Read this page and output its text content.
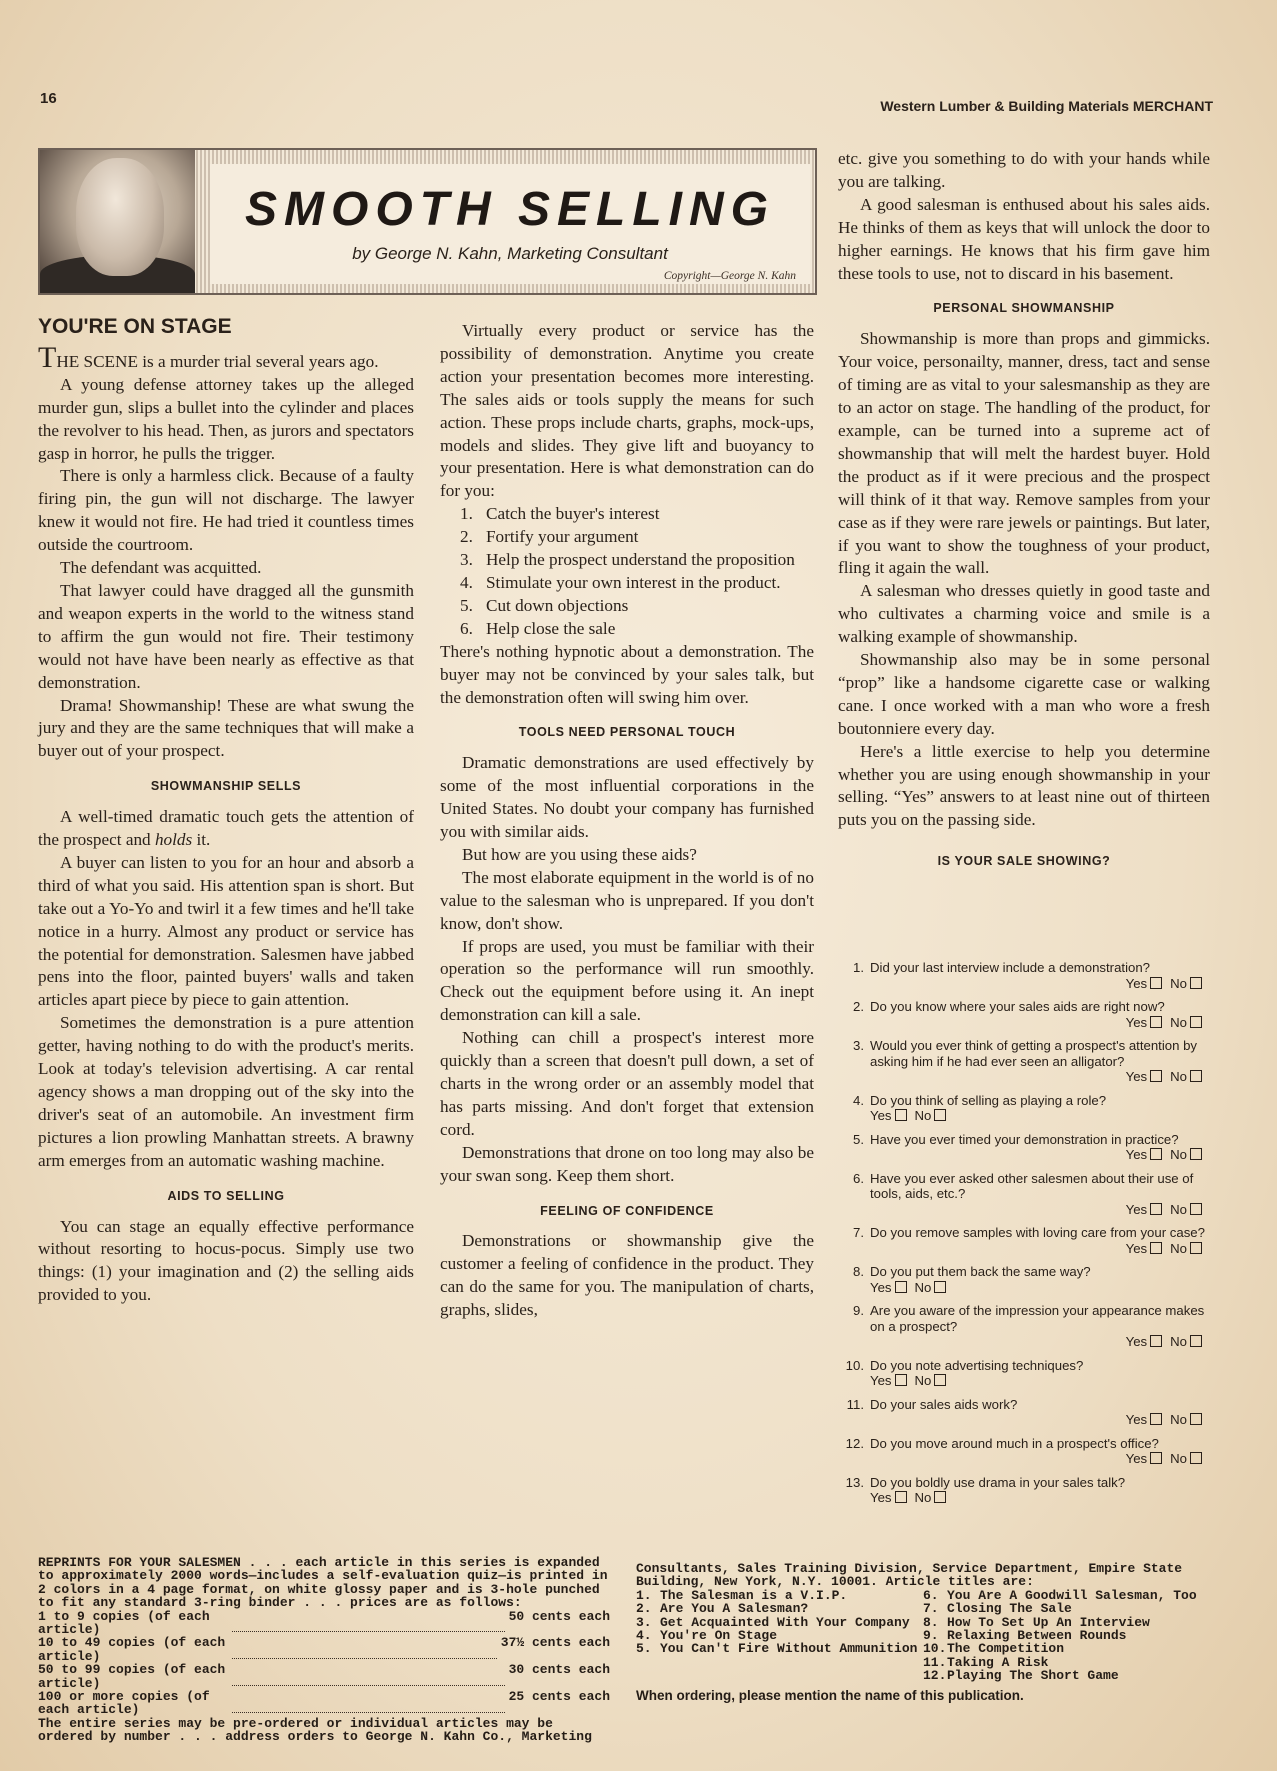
16	Western Lumber & Building Materials MERCHANT
SMOOTH SELLING
by George N. Kahn, Marketing Consultant
Copyright—George N. Kahn
YOU'RE ON STAGE

THE SCENE is a murder trial several years ago.

A young defense attorney takes up the alleged murder gun, slips a bullet into the cylinder and places the revolver to his head. Then, as jurors and spectators gasp in horror, he pulls the trigger.

There is only a harmless click. Because of a faulty firing pin, the gun will not discharge. The lawyer knew it would not fire. He had tried it countless times outside the courtroom.

The defendant was acquitted.

That lawyer could have dragged all the gunsmith and weapon experts in the world to the witness stand to affirm the gun would not fire. Their testimony would not have have been nearly as effective as that demonstration.

Drama! Showmanship! These are what swung the jury and they are the same techniques that will make a buyer out of your prospect.

SHOWMANSHIP SELLS

A well-timed dramatic touch gets the attention of the prospect and holds it.

A buyer can listen to you for an hour and absorb a third of what you said. His attention span is short. But take out a Yo-Yo and twirl it a few times and he'll take notice in a hurry. Almost any product or service has the potential for demonstration. Salesmen have jabbed pens into the floor, painted buyers' walls and taken articles apart piece by piece to gain attention.

Sometimes the demonstration is a pure attention getter, having nothing to do with the product's merits. Look at today's television advertising. A car rental agency shows a man dropping out of the sky into the driver's seat of an automobile. An investment firm pictures a lion prowling Manhattan streets. A brawny arm emerges from an automatic washing machine.

AIDS TO SELLING

You can stage an equally effective performance without resorting to hocus-pocus. Simply use two things: (1) your imagination and (2) the selling aids provided to you.

Virtually every product or service has the possibility of demonstration. Anytime you create action your presentation becomes more interesting. The sales aids or tools supply the means for such action. These props include charts, graphs, mock-ups, models and slides. They give lift and buoyancy to your presentation. Here is what demonstration can do for you:

1. Catch the buyer's interest
2. Fortify your argument
3. Help the prospect understand the proposition
4. Stimulate your own interest in the product.
5. Cut down objections
6. Help close the sale

There's nothing hypnotic about a demonstration. The buyer may not be convinced by your sales talk, but the demonstration often will swing him over.

TOOLS NEED PERSONAL TOUCH

Dramatic demonstrations are used effectively by some of the most influential corporations in the United States. No doubt your company has furnished you with similar aids.

But how are you using these aids?

The most elaborate equipment in the world is of no value to the salesman who is unprepared. If you don't know, don't show.

If props are used, you must be familiar with their operation so the performance will run smoothly. Check out the equipment before using it. An inept demonstration can kill a sale.

Nothing can chill a prospect's interest more quickly than a screen that doesn't pull down, a set of charts in the wrong order or an assembly model that has parts missing. And don't forget that extension cord.

Demonstrations that drone on too long may also be your swan song. Keep them short.

FEELING OF CONFIDENCE

Demonstrations or showmanship give the customer a feeling of confidence in the product. They can do the same for you. The manipulation of charts, graphs, slides,

etc. give you something to do with your hands while you are talking.

A good salesman is enthused about his sales aids. He thinks of them as keys that will unlock the door to higher earnings. He knows that his firm gave him these tools to use, not to discard in his basement.

PERSONAL SHOWMANSHIP

Showmanship is more than props and gimmicks. Your voice, personailty, manner, dress, tact and sense of timing are as vital to your salesmanship as they are to an actor on stage. The handling of the product, for example, can be turned into a supreme act of showmanship that will melt the hardest buyer. Hold the product as if it were precious and the prospect will think of it that way. Remove samples from your case as if they were rare jewels or paintings. But later, if you want to show the toughness of your product, fling it again the wall.

A salesman who dresses quietly in good taste and who cultivates a charming voice and smile is a walking example of showmanship.

Showmanship also may be in some personal “prop” like a handsome cigarette case or walking cane. I once worked with a man who wore a fresh boutonniere every day.

Here's a little exercise to help you determine whether you are using enough showmanship in your selling. “Yes” answers to at least nine out of thirteen puts you on the passing side.

IS YOUR SALE SHOWING?
1. Did your last interview include a demonstration?
Yes No
2. Do you know where your sales aids are right now?
Yes No
3. Would you ever think of getting a prospect's attention by asking him if he had ever seen an alligator?
Yes No
4. Do you think of selling as playing a role?
Yes No
5. Have you ever timed your demonstration in practice?
Yes No
6. Have you ever asked other salesmen about their use of tools, aids, etc.?
Yes No
7. Do you remove samples with loving care from your case?
Yes No
8. Do you put them back the same way?
Yes No
9. Are you aware of the impression your appearance makes on a prospect?
Yes No
10. Do you note advertising techniques?
Yes No
11. Do your sales aids work?
Yes No
12. Do you move around much in a prospect's office?
Yes No
13. Do you boldly use drama in your sales talk?
Yes No
REPRINTS FOR YOUR SALESMEN . . . each article in this series is expanded to approximately 2000 words—includes a self-evaluation quiz—is printed in 2 colors in a 4 page format, on white glossy paper and is 3-hole punched to fit any standard 3-ring binder . . . prices are as follows:
1 to 9 copies (of each article)
50 cents each
10 to 49 copies (of each article)
37½ cents each
50 to 99 copies (of each article)
30 cents each
100 or more copies (of each article)
25 cents each
The entire series may be pre-ordered or individual articles may be ordered by number . . . address orders to George N. Kahn Co., Marketing
Consultants, Sales Training Division, Service Department, Empire State Building, New York, N.Y. 10001. Article titles are:
1. The Salesman is a V.I.P.
2. Are You A Salesman?
3. Get Acquainted With Your Company
4. You're On Stage
5. You Can't Fire Without Ammunition
6. You Are A Goodwill Salesman, Too
7. Closing The Sale
8. How To Set Up An Interview
9. Relaxing Between Rounds
10. The Competition
11. Taking A Risk
12. Playing The Short Game
When ordering, please mention the name of this publication.
